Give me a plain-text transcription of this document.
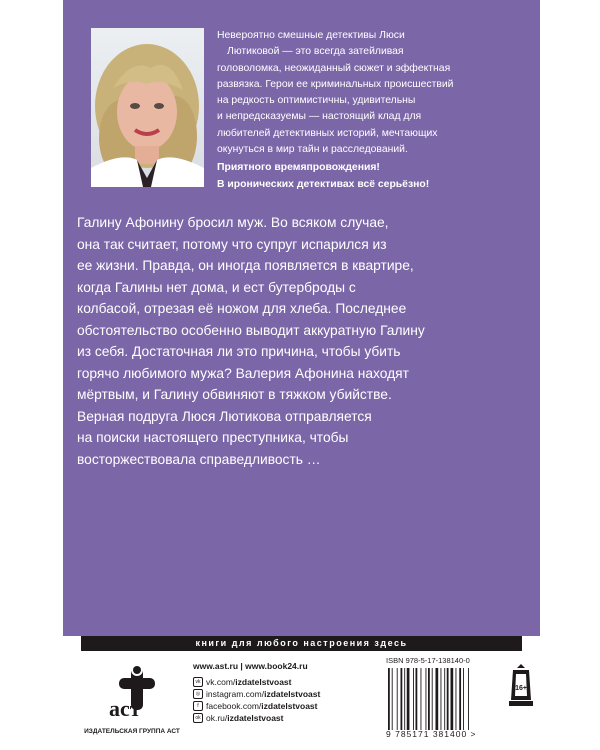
Невероятно смешные детективы Люси

Лютиковой — это всегда затейливая

головоломка, неожиданный сюжет и эффектная

развязка. Герои ее криминальных происшествий

на редкость оптимистичны, удивительны

и непредсказуемы — настоящий клад для

любителей детективных историй, мечтающих

окунуться в мир тайн и расследований.

Приятного времяпровождения!

В иронических детективах всё серьёзно!

Галину Афонину бросил муж. Во всяком случае,

она так считает, потому что супруг испарился из

ее жизни. Правда, он иногда появляется в квартире,

когда Галины нет дома, и ест бутерброды с

колбасой, отрезая её ножом для хлеба. Последнее

обстоятельство особенно выводит аккуратную Галину

из себя. Достаточная ли это причина, чтобы убить

горячо любимого мужа? Валерия Афонина находят

мёртвым, и Галину обвиняют в тяжком убийстве.

Верная подруга Люся Лютикова отправляется

на поиски настоящего преступника, чтобы

восторжествовала справедливость …

книги для любого настроения здесь
аст
ИЗДАТЕЛЬСКАЯ ГРУППА АСТ
www.ast.ru | www.book24.ru
vk vk.com/izdatelstvoast
◎ instagram.com/izdatelstvoast
f facebook.com/izdatelstvoast
ok ok.ru/izdatelstvoast
ISBN 978-5-17-138140-0
9 785171 381400 >
16+
